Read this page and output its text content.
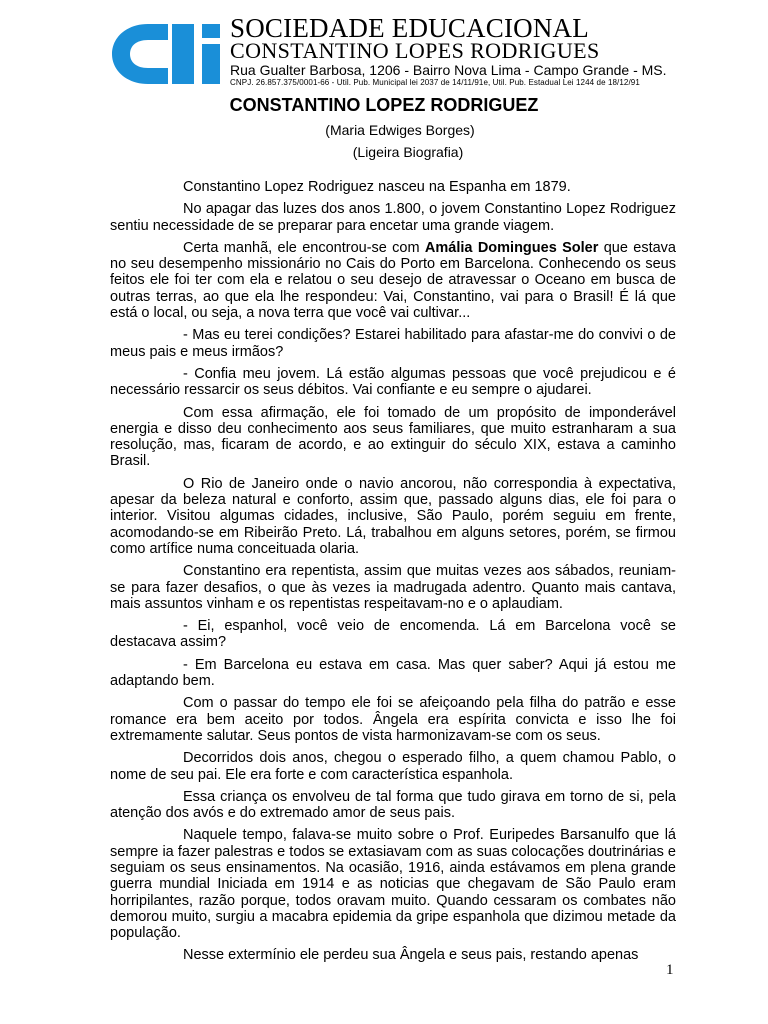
SOCIEDADE EDUCACIONAL
CONSTANTINO LOPES RODRIGUES
Rua Gualter Barbosa, 1206 - Bairro Nova Lima - Campo Grande - MS.
CNPJ. 26.857.375/0001-66 - Util. Pub. Municipal lei 2037 de 14/11/91e, Util. Pub. Estadual Lei 1244 de 18/12/91
CONSTANTINO LOPEZ RODRIGUEZ
(Maria Edwiges Borges)
(Ligeira Biografia)

Constantino Lopez Rodriguez nasceu na Espanha em 1879.

No apagar das luzes dos anos 1.800, o jovem Constantino Lopez Rodriguez sentiu necessidade de se preparar para encetar uma grande viagem.

Certa manhã, ele encontrou-se com Amália Domingues Soler que estava no seu desempenho missionário no Cais do Porto em Barcelona. Conhecendo os seus feitos ele foi ter com ela e relatou o seu desejo de atravessar o Oceano em busca de outras terras, ao que ela lhe respondeu: Vai, Constantino, vai para o Brasil! É lá que está o local, ou seja, a nova terra que você vai cultivar...

- Mas eu terei condições? Estarei habilitado para afastar-me do convivi o de meus pais e meus irmãos?

- Confia meu jovem. Lá estão algumas pessoas que você prejudicou e é necessário ressarcir os seus débitos. Vai confiante e eu sempre o ajudarei.

Com essa afirmação, ele foi tomado de um propósito de imponderável energia e disso deu conhecimento aos seus familiares, que muito estranharam a sua resolução, mas, ficaram de acordo, e ao extinguir do século XIX, estava a caminho Brasil.

O Rio de Janeiro onde o navio ancorou, não correspondia à expectativa, apesar da beleza natural e conforto, assim que, passado alguns dias, ele foi para o interior. Visitou algumas cidades, inclusive, São Paulo, porém seguiu em frente, acomodando-se em Ribeirão Preto. Lá, trabalhou em alguns setores, porém, se firmou como artífice numa conceituada olaria.

Constantino era repentista, assim que muitas vezes aos sábados, reuniam-se para fazer desafios, o que às vezes ia madrugada adentro. Quanto mais cantava, mais assuntos vinham e os repentistas respeitavam-no e o aplaudiam.

- Ei, espanhol, você veio de encomenda. Lá em Barcelona você se destacava assim?

- Em Barcelona eu estava em casa. Mas quer saber? Aqui já estou me adaptando bem.

Com o passar do tempo ele foi se afeiçoando pela filha do patrão e esse romance era bem aceito por todos. Ângela era espírita convicta e isso lhe foi extremamente salutar. Seus pontos de vista harmonizavam-se com os seus.

Decorridos dois anos, chegou o esperado filho, a quem chamou Pablo, o nome de seu pai. Ele era forte e com característica espanhola.

Essa criança os envolveu de tal forma que tudo girava em torno de si, pela atenção dos avós e do extremado amor de seus pais.

Naquele tempo, falava-se muito sobre o Prof. Euripedes Barsanulfo que lá sempre ia fazer palestras e todos se extasiavam com as suas colocações doutrinárias e seguiam os seus ensinamentos. Na ocasião, 1916, ainda estávamos em plena grande guerra mundial Iniciada em 1914 e as noticias que chegavam de São Paulo eram horripilantes, razão porque, todos oravam muito. Quando cessaram os combates não demorou muito, surgiu a macabra epidemia da gripe espanhola que dizimou metade da população.

Nesse extermínio ele perdeu sua Ângela e seus pais, restando apenas

1
